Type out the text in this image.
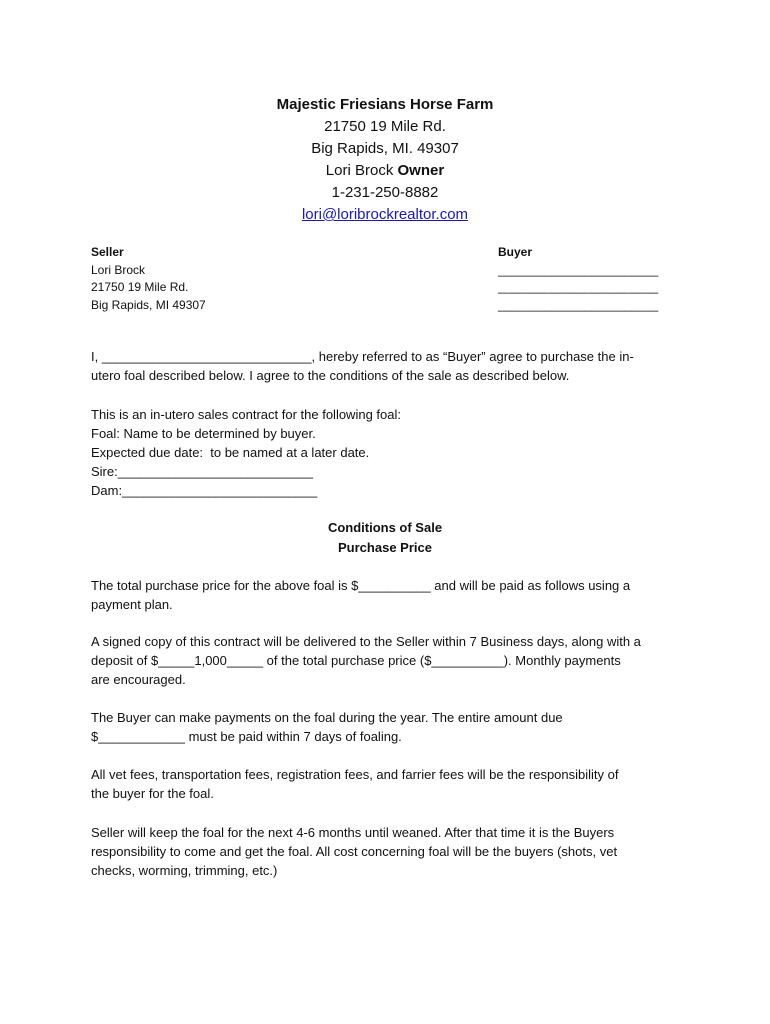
Majestic Friesians Horse Farm
21750 19 Mile Rd.
Big Rapids, MI. 49307
Lori Brock Owner
1-231-250-8882
lori@loribrockrealtor.com
Seller
Lori Brock
21750 19 Mile Rd.
Big Rapids, MI 49307
Buyer
________________________
________________________
________________________
I, _____________________________, hereby referred to as “Buyer” agree to purchase the in-
utero foal described below. I agree to the conditions of the sale as described below.
This is an in-utero sales contract for the following foal:
Foal: Name to be determined by buyer.
Expected due date:  to be named at a later date.
Sire:___________________________
Dam:___________________________
Conditions of Sale
Purchase Price
The total purchase price for the above foal is $__________ and will be paid as follows using a
payment plan.
A signed copy of this contract will be delivered to the Seller within 7 Business days, along with a
deposit of $_____1,000_____ of the total purchase price ($__________). Monthly payments
are encouraged.
The Buyer can make payments on the foal during the year. The entire amount due
$____________ must be paid within 7 days of foaling.
All vet fees, transportation fees, registration fees, and farrier fees will be the responsibility of
the buyer for the foal.
Seller will keep the foal for the next 4-6 months until weaned. After that time it is the Buyers
responsibility to come and get the foal. All cost concerning foal will be the buyers (shots, vet
checks, worming, trimming, etc.)
